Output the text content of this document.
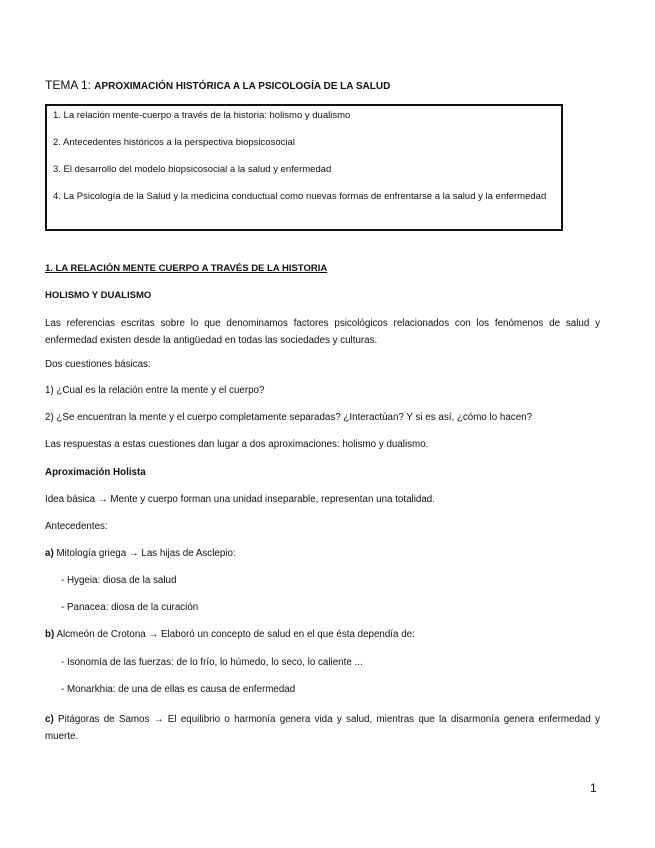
TEMA 1: APROXIMACIÓN HISTÓRICA A LA PSICOLOGÍA DE LA SALUD
1. La relación mente-cuerpo a través de la historia: holismo y dualismo
2. Antecedentes históricos a la perspectiva biopsicosocial
3. El desarrollo del modelo biopsicosocial a la salud y enfermedad
4. La Psicología de la Salud y la medicina conductual como nuevas formas de enfrentarse a la salud y la enfermedad
1. LA RELACIÓN MENTE CUERPO A TRAVÉS DE LA HISTORIA
HOLISMO Y DUALISMO
Las referencias escritas sobre lo que denominamos factores psicológicos relacionados con los fenómenos de salud y enfermedad existen desde la antigüedad en todas las sociedades y culturas.
Dos cuestiones básicas:
1) ¿Cual es la relación entre la mente y el cuerpo?
2) ¿Se encuentran la mente y el cuerpo completamente separadas? ¿Interactúan? Y si es así, ¿cómo lo hacen?
Las respuestas a estas cuestiones dan lugar a dos aproximaciones: holismo y dualismo.
Aproximación Holista
Idea básica → Mente y cuerpo forman una unidad inseparable, representan una totalidad.
Antecedentes:
a) Mitología griega → Las hijas de Asclepio:
- Hygeia: diosa de la salud
- Panacea: diosa de la curación
b) Alcmeón de Crotona → Elaboró un concepto de salud en el que ésta dependía de:
- Isonomía de las fuerzas: de lo frío, lo húmedo, lo seco, lo caliente ...
- Monarkhia: de una de ellas es causa de enfermedad
c) Pitágoras de Samos → El equilibrio o harmonía genera vida y salud, mientras que la disarmonía genera enfermedad y muerte.
1
